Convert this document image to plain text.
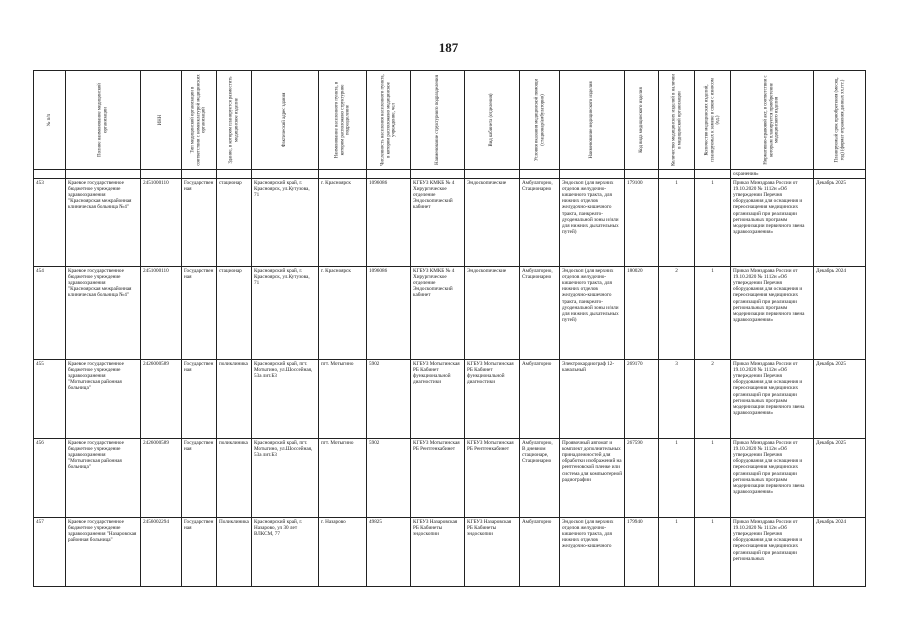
187
№ п/п	Полное наименование медицинской организации	ИНН	Тип медицинской организации в соответствии с номенклатурой медицинских организаций	Здание, в котором планируется разместить медицинское изделие	Фактический адрес здания	Наименование населенного пункта, в котором расположено структурное подразделение	Численность населения населенного пункта, в котором расположено медицинское учреждение, чел	Наименование структурного подразделения	Вид кабинета (отделения)	Условия оказания медицинской помощи (стационар/амбулаторно)	Наименование медицинского изделия	Код вида медицинского изделия	Количество медицинских изделий в наличии в медицинской организации	Количество медицинских изделий, планируемых к замене в связи с износом (ед.)	Нормативно-правовой акт, в соответствии с которым планируется приобретение медицинского изделия	Планируемый срок приобретения (месяц, год) (формат отражения данных хх.ггг.)

															охранения»	
453	Краевое государственное бюджетное учреждение здравоохранения "Красноярская межрайонная клиническая больница №4"	2451000110	Государственная	стационар	Красноярский край, г. Красноярск, ул.Кутузова, 71	г. Красноярск	1096086	КГБУЗ КМКБ № 4 Хирургическое отделение Эндоскопический кабинет	Эндоскопические	Амбулаторно, Стационарно	Эндоскоп (для верхних отделов желудочно-кишечного тракта, для нижних отделов желудочно-кишечного тракта, панкреато-дуоденальной зоны и/или для нижних дыхательных путей)	179100	1	1	Приказ Минздрава России от 19.10.2020 № 1112н «Об утверждении Перечня оборудования для оснащения и переоснащения медицинских организаций при реализации региональных программ модернизации первичного звена здравоохранения»	Декабрь 2025
454	Краевое государственное бюджетное учреждение здравоохранения "Красноярская межрайонная клиническая больница №4"	2451000110	Государственная	стационар	Красноярский край, г. Красноярск, ул.Кутузова, 71	г. Красноярск	1096086	КГБУЗ КМКБ № 4 Хирургическое отделение Эндоскопический кабинет	Эндоскопические	Амбулаторно, Стационарно	Эндоскоп (для верхних отделов желудочно-кишечного тракта, для нижних отделов желудочно-кишечного тракта, панкреато-дуоденальной зоны и/или для нижних дыхательных путей)	180020	2	1	Приказ Минздрава России от 19.10.2020 № 1112н «Об утверждении Перечня оборудования для оснащения и переоснащения медицинских организаций при реализации региональных программ модернизации первичного звена здравоохранения»	Декабрь 2024
455	Краевое государственное бюджетное учреждение здравоохранения "Мотыгинская районная больница"	2426000589	Государственная	поликлиника	Красноярский край, пгт. Мотыгино, ул.Шоссейная, 53а лит.Б3	пгт. Мотыгино	5902	КГБУЗ Мотыгинская РБ Кабинет функциональной диагностики	КГБУЗ Мотыгинская РБ Кабинет функциональной диагностики	Амбулаторно	Электрокардиограф 12-канальный	269170	3	2	Приказ Минздрава России от 19.10.2020 № 1112н «Об утверждении Перечня оборудования для оснащения и переоснащения медицинских организаций при реализации региональных программ модернизации первичного звена здравоохранения»	Декабрь 2025
456	Краевое государственное бюджетное учреждение здравоохранения "Мотыгинская районная больница"	2426000589	Государственная	поликлиника	Красноярский край, пгт. Мотыгино, ул.Шоссейная, 53а лит.Б3	пгт. Мотыгино	5902	КГБУЗ Мотыгинская РБ Рентгенкабинет	КГБУЗ Мотыгинская РБ Рентгенкабинет	Амбулаторно, В дневном стационаре, Стационарно	Проявочный автомат и комплект дополнительных принадлежностей для обработки изображений на рентгеновской пленке или система для компьютерной радиографии	267590	1	1	Приказ Минздрава России от 19.10.2020 № 1112н «Об утверждении Перечня оборудования для оснащения и переоснащения медицинских организаций при реализации региональных программ модернизации первичного звена здравоохранения»	Декабрь 2025
457	Краевое государственное бюджетное учреждение здравоохранения "Назаровская районная больница"	2456002294	Государственная	Поликлиника	Красноярский край, г. Назарово, ул 30 лет ВЛКСМ, 77	г. Назарово	49825	КГБУЗ Назаровская РБ Кабинеты эндоскопии	КГБУЗ Назаровская РБ Кабинеты эндоскопии	Амбулаторно	Эндоскоп (для верхних отделов желудочно-кишечного тракта, для нижних отделов желудочно-кишечного	179940	1	1	Приказ Минздрава России от 19.10.2020 № 1112н «Об утверждении Перечня оборудования для оснащения и переоснащения медицинских организаций при реализации региональных	Декабрь 2024
